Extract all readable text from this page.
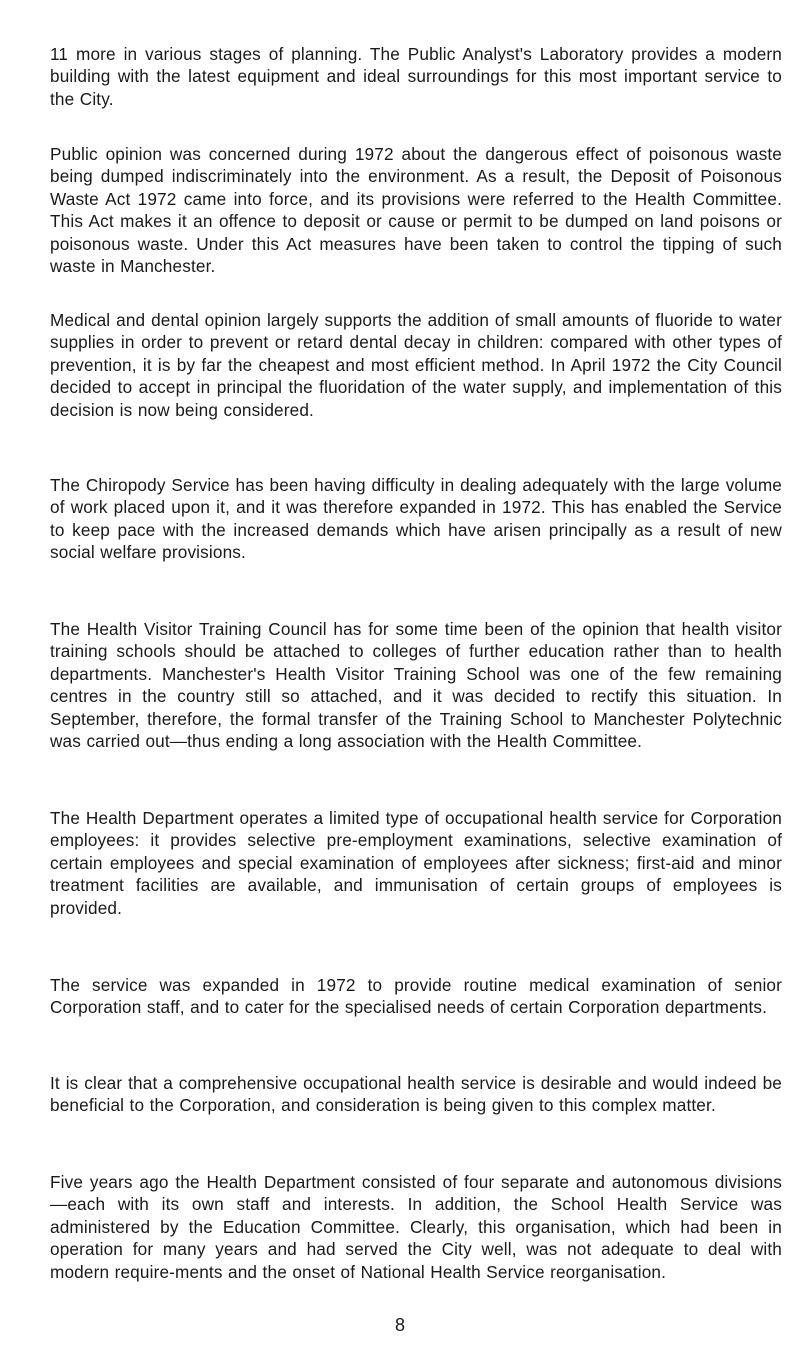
11 more in various stages of planning. The Public Analyst's Laboratory provides a modern building with the latest equipment and ideal surroundings for this most important service to the City.

Public opinion was concerned during 1972 about the dangerous effect of poisonous waste being dumped indiscriminately into the environment. As a result, the Deposit of Poisonous Waste Act 1972 came into force, and its provisions were referred to the Health Committee. This Act makes it an offence to deposit or cause or permit to be dumped on land poisons or poisonous waste. Under this Act measures have been taken to control the tipping of such waste in Manchester.

Medical and dental opinion largely supports the addition of small amounts of fluoride to water supplies in order to prevent or retard dental decay in children: compared with other types of prevention, it is by far the cheapest and most efficient method. In April 1972 the City Council decided to accept in principal the fluoridation of the water supply, and implementation of this decision is now being considered.

The Chiropody Service has been having difficulty in dealing adequately with the large volume of work placed upon it, and it was therefore expanded in 1972. This has enabled the Service to keep pace with the increased demands which have arisen principally as a result of new social welfare provisions.

The Health Visitor Training Council has for some time been of the opinion that health visitor training schools should be attached to colleges of further education rather than to health departments. Manchester's Health Visitor Training School was one of the few remaining centres in the country still so attached, and it was decided to rectify this situation. In September, therefore, the formal transfer of the Training School to Manchester Polytechnic was carried out—thus ending a long association with the Health Committee.

The Health Department operates a limited type of occupational health service for Corporation employees: it provides selective pre-employment examinations, selective examination of certain employees and special examination of employees after sickness; first-aid and minor treatment facilities are available, and immunisation of certain groups of employees is provided.

The service was expanded in 1972 to provide routine medical examination of senior Corporation staff, and to cater for the specialised needs of certain Corporation departments.

It is clear that a comprehensive occupational health service is desirable and would indeed be beneficial to the Corporation, and consideration is being given to this complex matter.

Five years ago the Health Department consisted of four separate and autonomous divisions—each with its own staff and interests. In addition, the School Health Service was administered by the Education Committee. Clearly, this organisation, which had been in operation for many years and had served the City well, was not adequate to deal with modern require-ments and the onset of National Health Service reorganisation.

8
